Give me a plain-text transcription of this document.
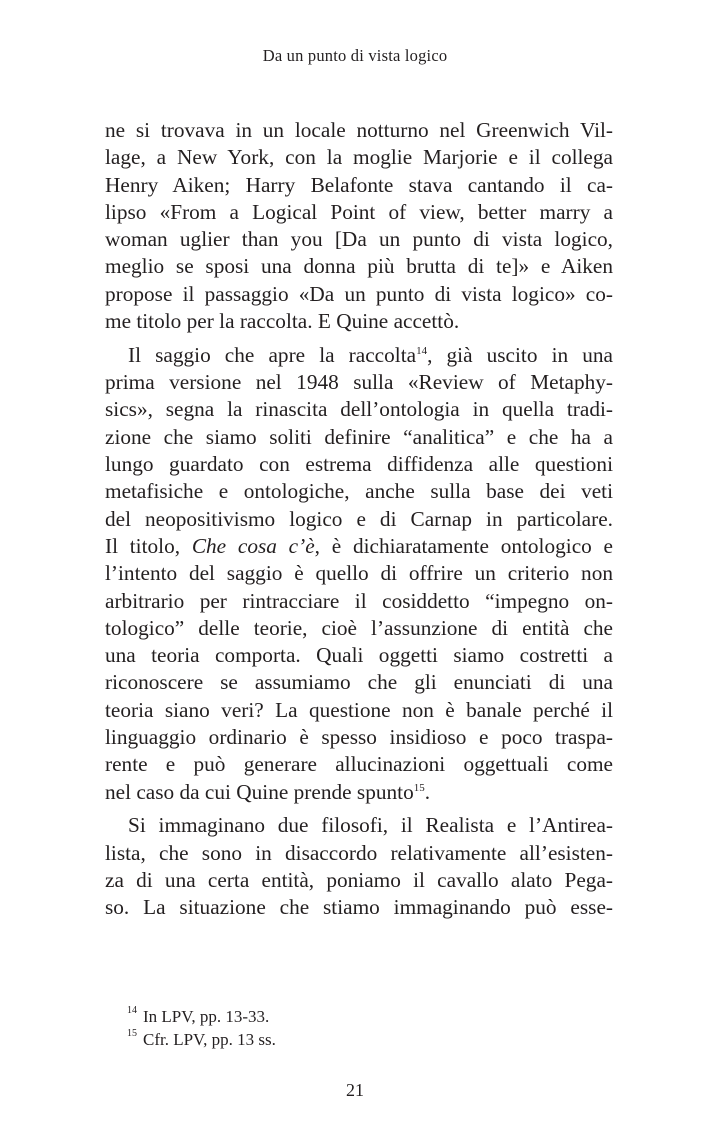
Da un punto di vista logico
ne si trovava in un locale notturno nel Greenwich Vil-
lage, a New York, con la moglie Marjorie e il collega
Henry Aiken; Harry Belafonte stava cantando il ca-
lipso «From a Logical Point of view, better marry a
woman uglier than you [Da un punto di vista logico,
meglio se sposi una donna più brutta di te]» e Aiken
propose il passaggio «Da un punto di vista logico» co-
me titolo per la raccolta. E Quine accettò.
Il saggio che apre la raccolta$^{14}$, già uscito in una
prima versione nel 1948 sulla «Review of Metaphy-
sics», segna la rinascita dell’ontologia in quella tradi-
zione che siamo soliti definire “analitica” e che ha a
lungo guardato con estrema diffidenza alle questioni
metafisiche e ontologiche, anche sulla base dei veti
del neopositivismo logico e di Carnap in particolare.
Il titolo, Che cosa c’è, è dichiaratamente ontologico e
l’intento del saggio è quello di offrire un criterio non
arbitrario per rintracciare il cosiddetto “impegno on-
tologico” delle teorie, cioè l’assunzione di entità che
una teoria comporta. Quali oggetti siamo costretti a
riconoscere se assumiamo che gli enunciati di una
teoria siano veri? La questione non è banale perché il
linguaggio ordinario è spesso insidioso e poco traspa-
rente e può generare allucinazioni oggettuali come
nel caso da cui Quine prende spunto$^{15}$.
Si immaginano due filosofi, il Realista e l’Antirea-
lista, che sono in disaccordo relativamente all’esisten-
za di una certa entità, poniamo il cavallo alato Pega-
so. La situazione che stiamo immaginando può esse-
$^{14}$ In LPV, pp. 13-33.
$^{15}$ Cfr. LPV, pp. 13 ss.
21
